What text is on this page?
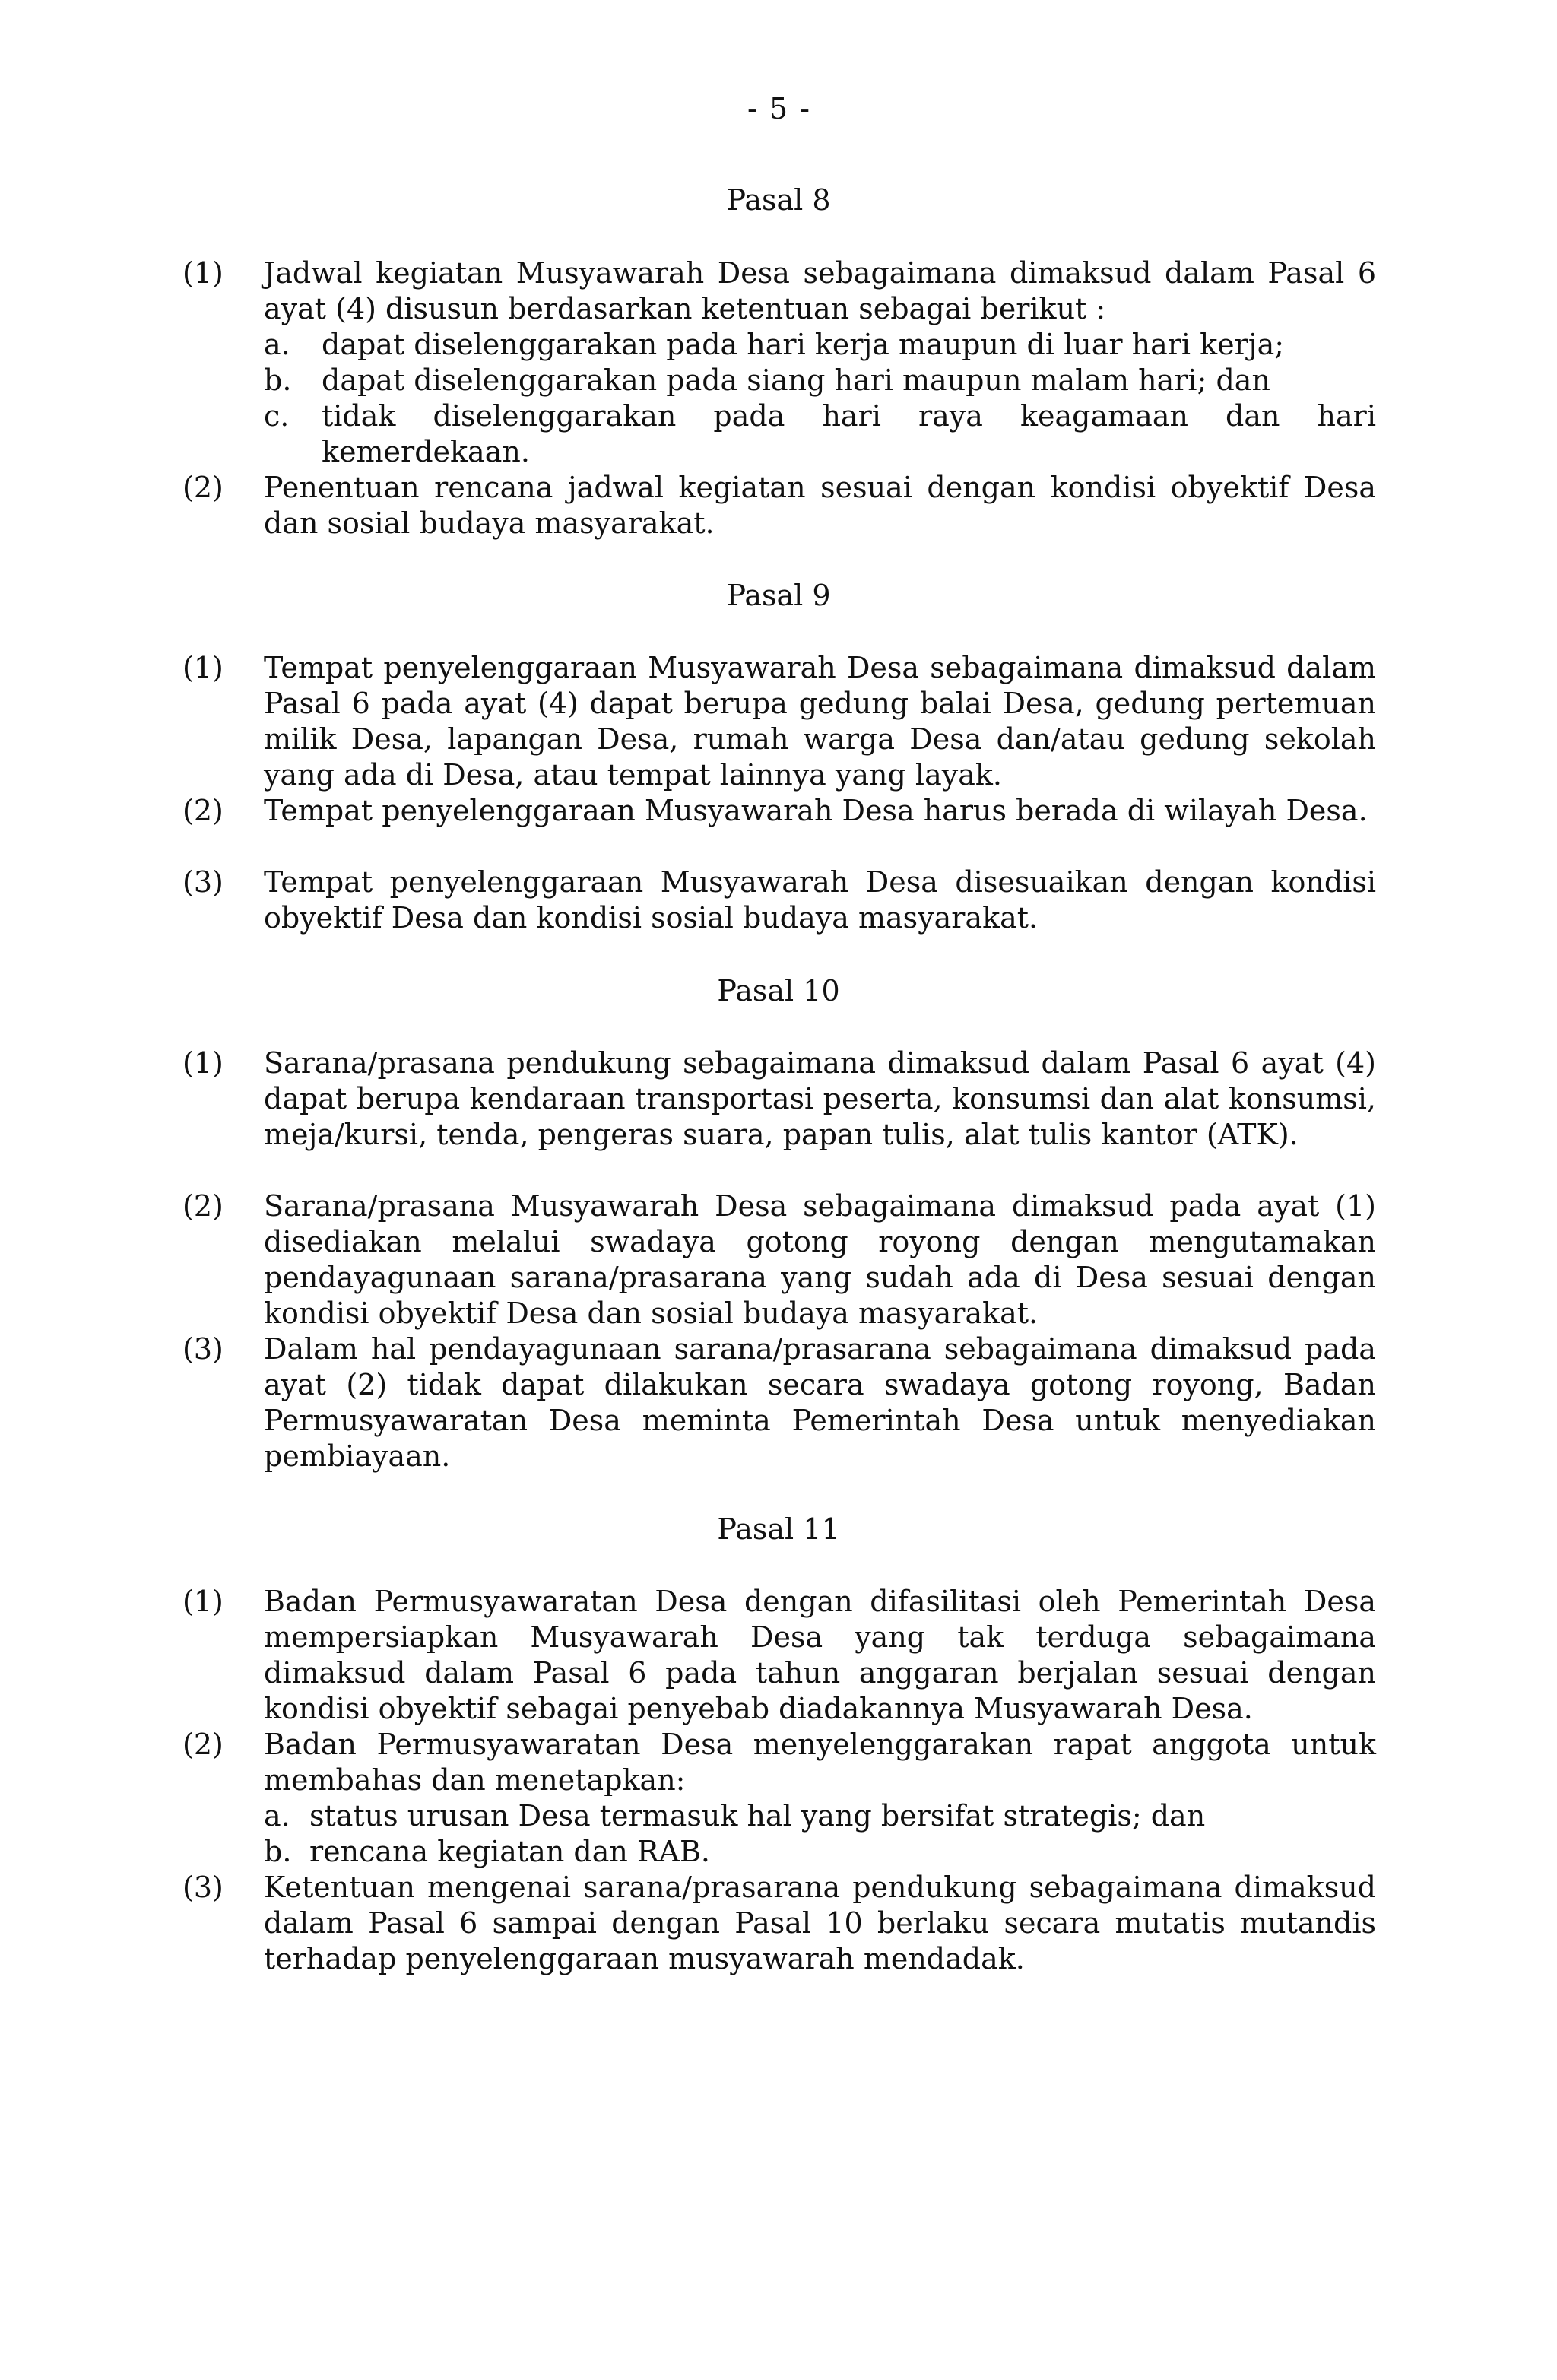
- 5 -
Pasal 8
(1)	Jadwal kegiatan Musyawarah Desa sebagaimana dimaksud dalam Pasal 6 ayat (4) disusun berdasarkan ketentuan sebagai berikut :
a. dapat diselenggarakan pada hari kerja maupun di luar hari kerja;
b. dapat diselenggarakan pada siang hari maupun malam hari; dan
c. tidak diselenggarakan pada hari raya keagamaan dan hari kemerdekaan.
(2)	Penentuan rencana jadwal kegiatan sesuai dengan kondisi obyektif Desa dan sosial budaya masyarakat.
Pasal 9
(1)	Tempat penyelenggaraan Musyawarah Desa sebagaimana dimaksud dalam Pasal 6 pada ayat (4) dapat berupa gedung balai Desa, gedung pertemuan milik Desa, lapangan Desa, rumah warga Desa dan/atau gedung sekolah yang ada di Desa, atau tempat lainnya yang layak.
(2)	Tempat penyelenggaraan Musyawarah Desa harus berada di wilayah Desa.
(3)	Tempat penyelenggaraan Musyawarah Desa disesuaikan dengan kondisi obyektif Desa dan kondisi sosial budaya masyarakat.
Pasal 10
(1)	Sarana/prasana pendukung sebagaimana dimaksud dalam Pasal 6 ayat (4) dapat berupa kendaraan transportasi peserta, konsumsi dan alat konsumsi, meja/kursi, tenda, pengeras suara, papan tulis, alat tulis kantor (ATK).
(2)	Sarana/prasana Musyawarah Desa sebagaimana dimaksud pada ayat (1) disediakan melalui swadaya gotong royong dengan mengutamakan pendayagunaan sarana/prasarana yang sudah ada di Desa sesuai dengan kondisi obyektif Desa dan sosial budaya masyarakat.
(3)	Dalam hal pendayagunaan sarana/prasarana sebagaimana dimaksud pada ayat (2) tidak dapat dilakukan secara swadaya gotong royong, Badan Permusyawaratan Desa meminta Pemerintah Desa untuk menyediakan pembiayaan.
Pasal 11
(1)	Badan Permusyawaratan Desa dengan difasilitasi oleh Pemerintah Desa mempersiapkan Musyawarah Desa yang tak terduga sebagaimana dimaksud dalam Pasal 6 pada tahun anggaran berjalan sesuai dengan kondisi obyektif sebagai penyebab diadakannya Musyawarah Desa.
(2)	Badan Permusyawaratan Desa menyelenggarakan rapat anggota untuk membahas dan menetapkan:
a. status urusan Desa termasuk hal yang bersifat strategis; dan
b. rencana kegiatan dan RAB.
(3)	Ketentuan mengenai sarana/prasarana pendukung sebagaimana dimaksud dalam Pasal 6 sampai dengan Pasal 10 berlaku secara mutatis mutandis terhadap penyelenggaraan musyawarah mendadak.
